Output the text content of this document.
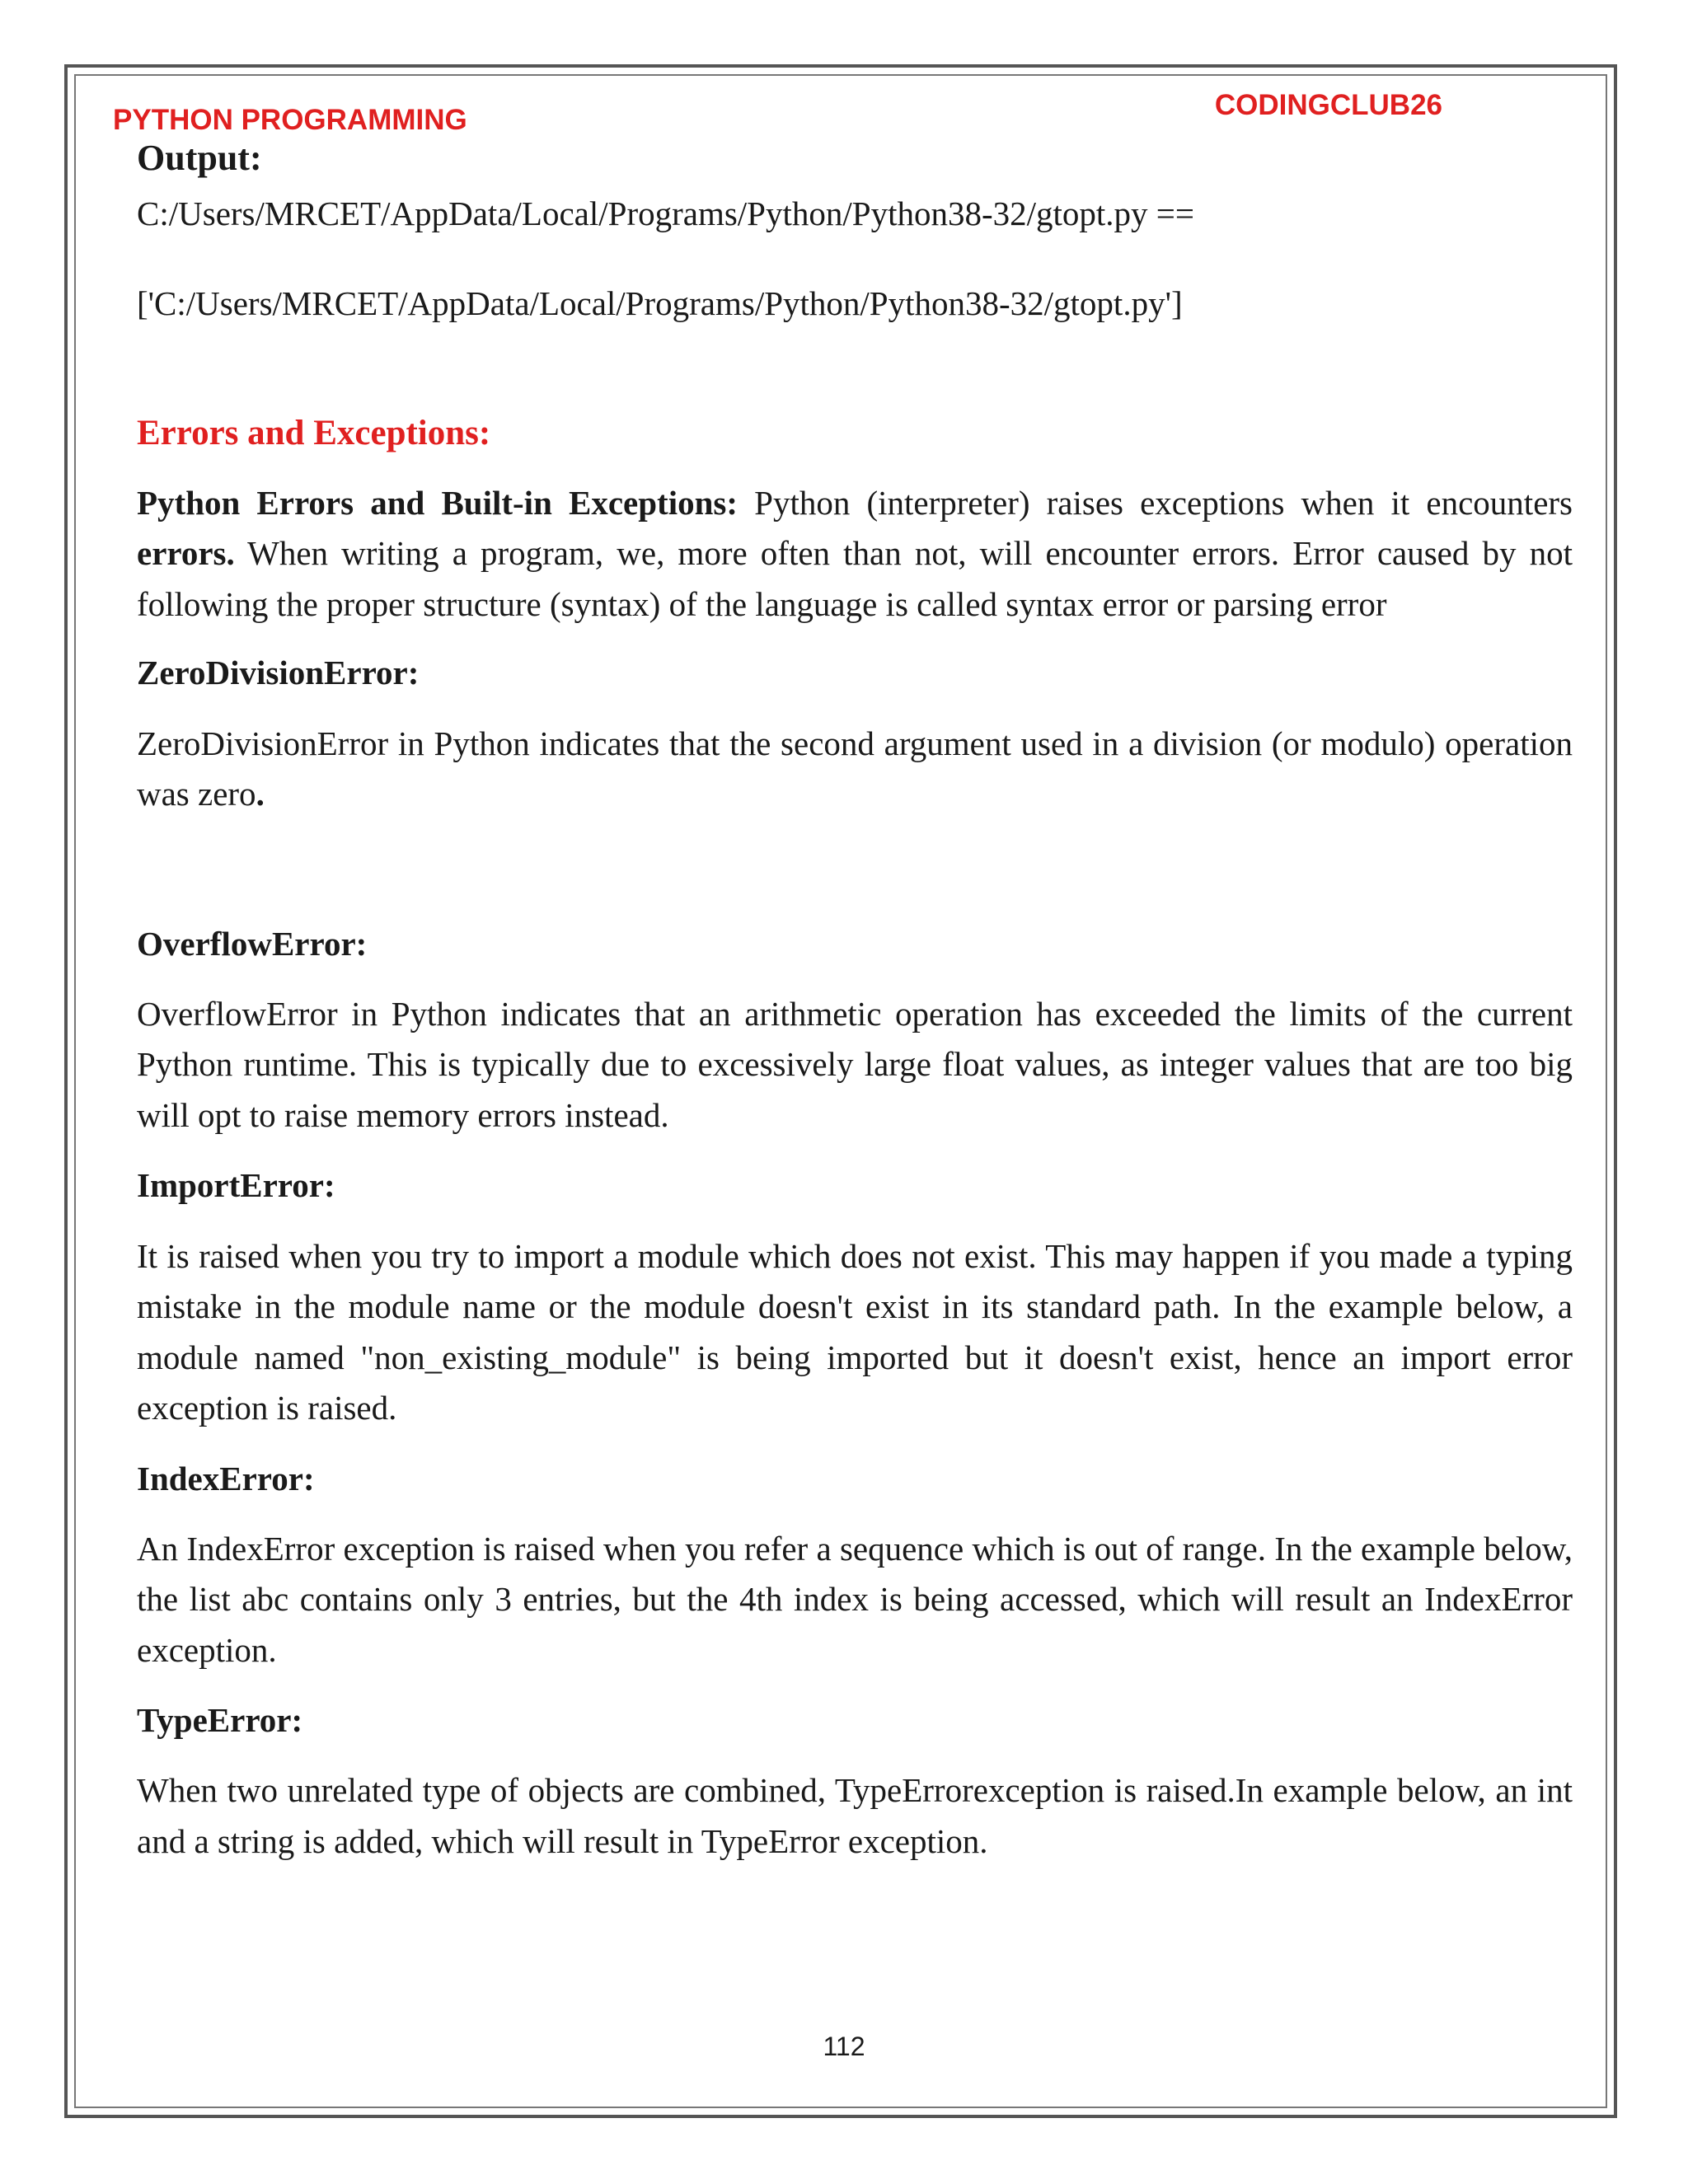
PYTHON PROGRAMMING	CODINGCLUB26
Output:
C:/Users/MRCET/AppData/Local/Programs/Python/Python38-32/gtopt.py ==
['C:/Users/MRCET/AppData/Local/Programs/Python/Python38-32/gtopt.py']
Errors and Exceptions:

Python Errors and Built-in Exceptions: Python (interpreter) raises exceptions when it encounters errors. When writing a program, we, more often than not, will encounter errors. Error caused by not following the proper structure (syntax) of the language is called syntax error or parsing error

ZeroDivisionError:

ZeroDivisionError in Python indicates that the second argument used in a division (or modulo) operation was zero.

OverflowError:

OverflowError in Python indicates that an arithmetic operation has exceeded the limits of the current Python runtime. This is typically due to excessively large float values, as integer values that are too big will opt to raise memory errors instead.

ImportError:

It is raised when you try to import a module which does not exist. This may happen if you made a typing mistake in the module name or the module doesn't exist in its standard path. In the example below, a module named "non_existing_module" is being imported but it doesn't exist, hence an import error exception is raised.

IndexError:

An IndexError exception is raised when you refer a sequence which is out of range. In the example below, the list abc contains only 3 entries, but the 4th index is being accessed, which will result an IndexError exception.

TypeError:

When two unrelated type of objects are combined, TypeErrorexception is raised.In example below, an int and a string is added, which will result in TypeError exception.

112
